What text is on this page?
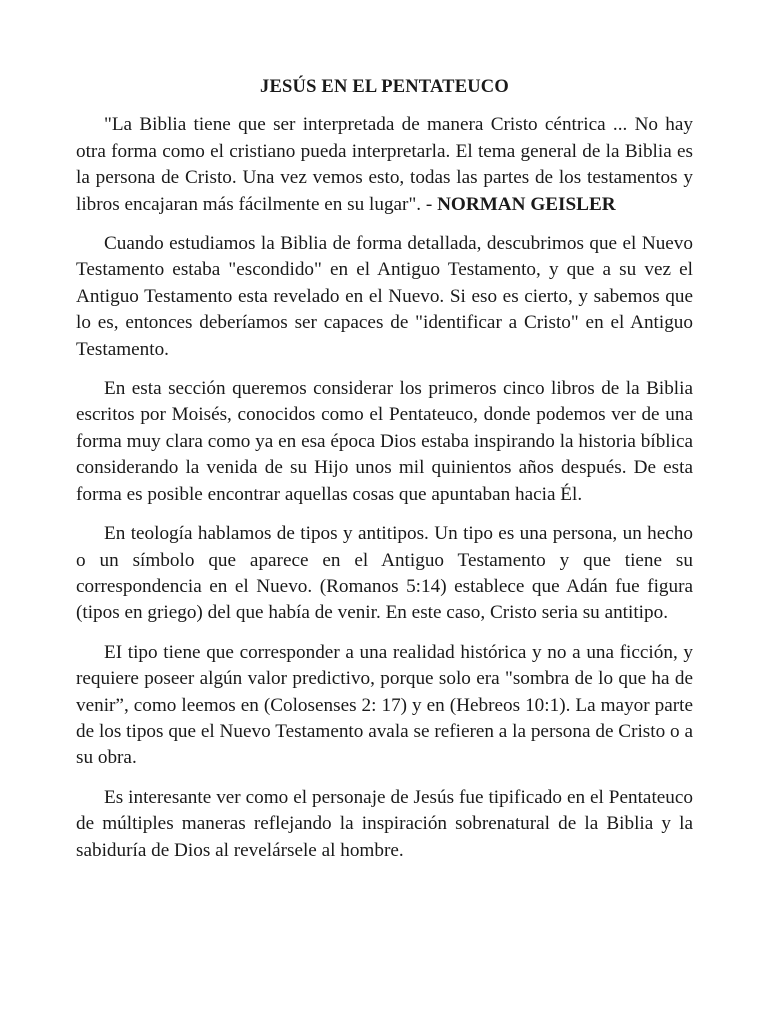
JESÚS EN EL PENTATEUCO

"La Biblia tiene que ser interpretada de manera Cristo céntrica ... No hay otra forma como el cristiano pueda interpretarla. El tema general de la Biblia es la persona de Cristo. Una vez vemos esto, todas las partes de los testamentos y libros encajaran más fácilmente en su lugar". - NORMAN GEISLER

Cuando estudiamos la Biblia de forma detallada, descubrimos que el Nuevo Testamento estaba "escondido" en el Antiguo Testamento, y que a su vez el Antiguo Testamento esta revelado en el Nuevo. Si eso es cierto, y sabemos que lo es, entonces deberíamos ser capaces de "identificar a Cristo" en el Antiguo Testamento.

En esta sección queremos considerar los primeros cinco libros de la Biblia escritos por Moisés, conocidos como el Pentateuco, donde podemos ver de una forma muy clara como ya en esa época Dios estaba inspirando la historia bíblica considerando la venida de su Hijo unos mil quinientos años después. De esta forma es posible encontrar aquellas cosas que apuntaban hacia Él.

En teología hablamos de tipos y antitipos. Un tipo es una persona, un hecho o un símbolo que aparece en el Antiguo Testamento y que tiene su correspondencia en el Nuevo. (Romanos 5:14) establece que Adán fue figura (tipos en griego) del que había de venir. En este caso, Cristo seria su antitipo.

EI tipo tiene que corresponder a una realidad histórica y no a una ficción, y requiere poseer algún valor predictivo, porque solo era "sombra de lo que ha de venir”, como leemos en (Colosenses 2: 17) y en (Hebreos 10:1). La mayor parte de los tipos que el Nuevo Testamento avala se refieren a la persona de Cristo o a su obra.

Es interesante ver como el personaje de Jesús fue tipificado en el Pentateuco de múltiples maneras reflejando la inspiración sobrenatural de la Biblia y la sabiduría de Dios al revelársele al hombre.
